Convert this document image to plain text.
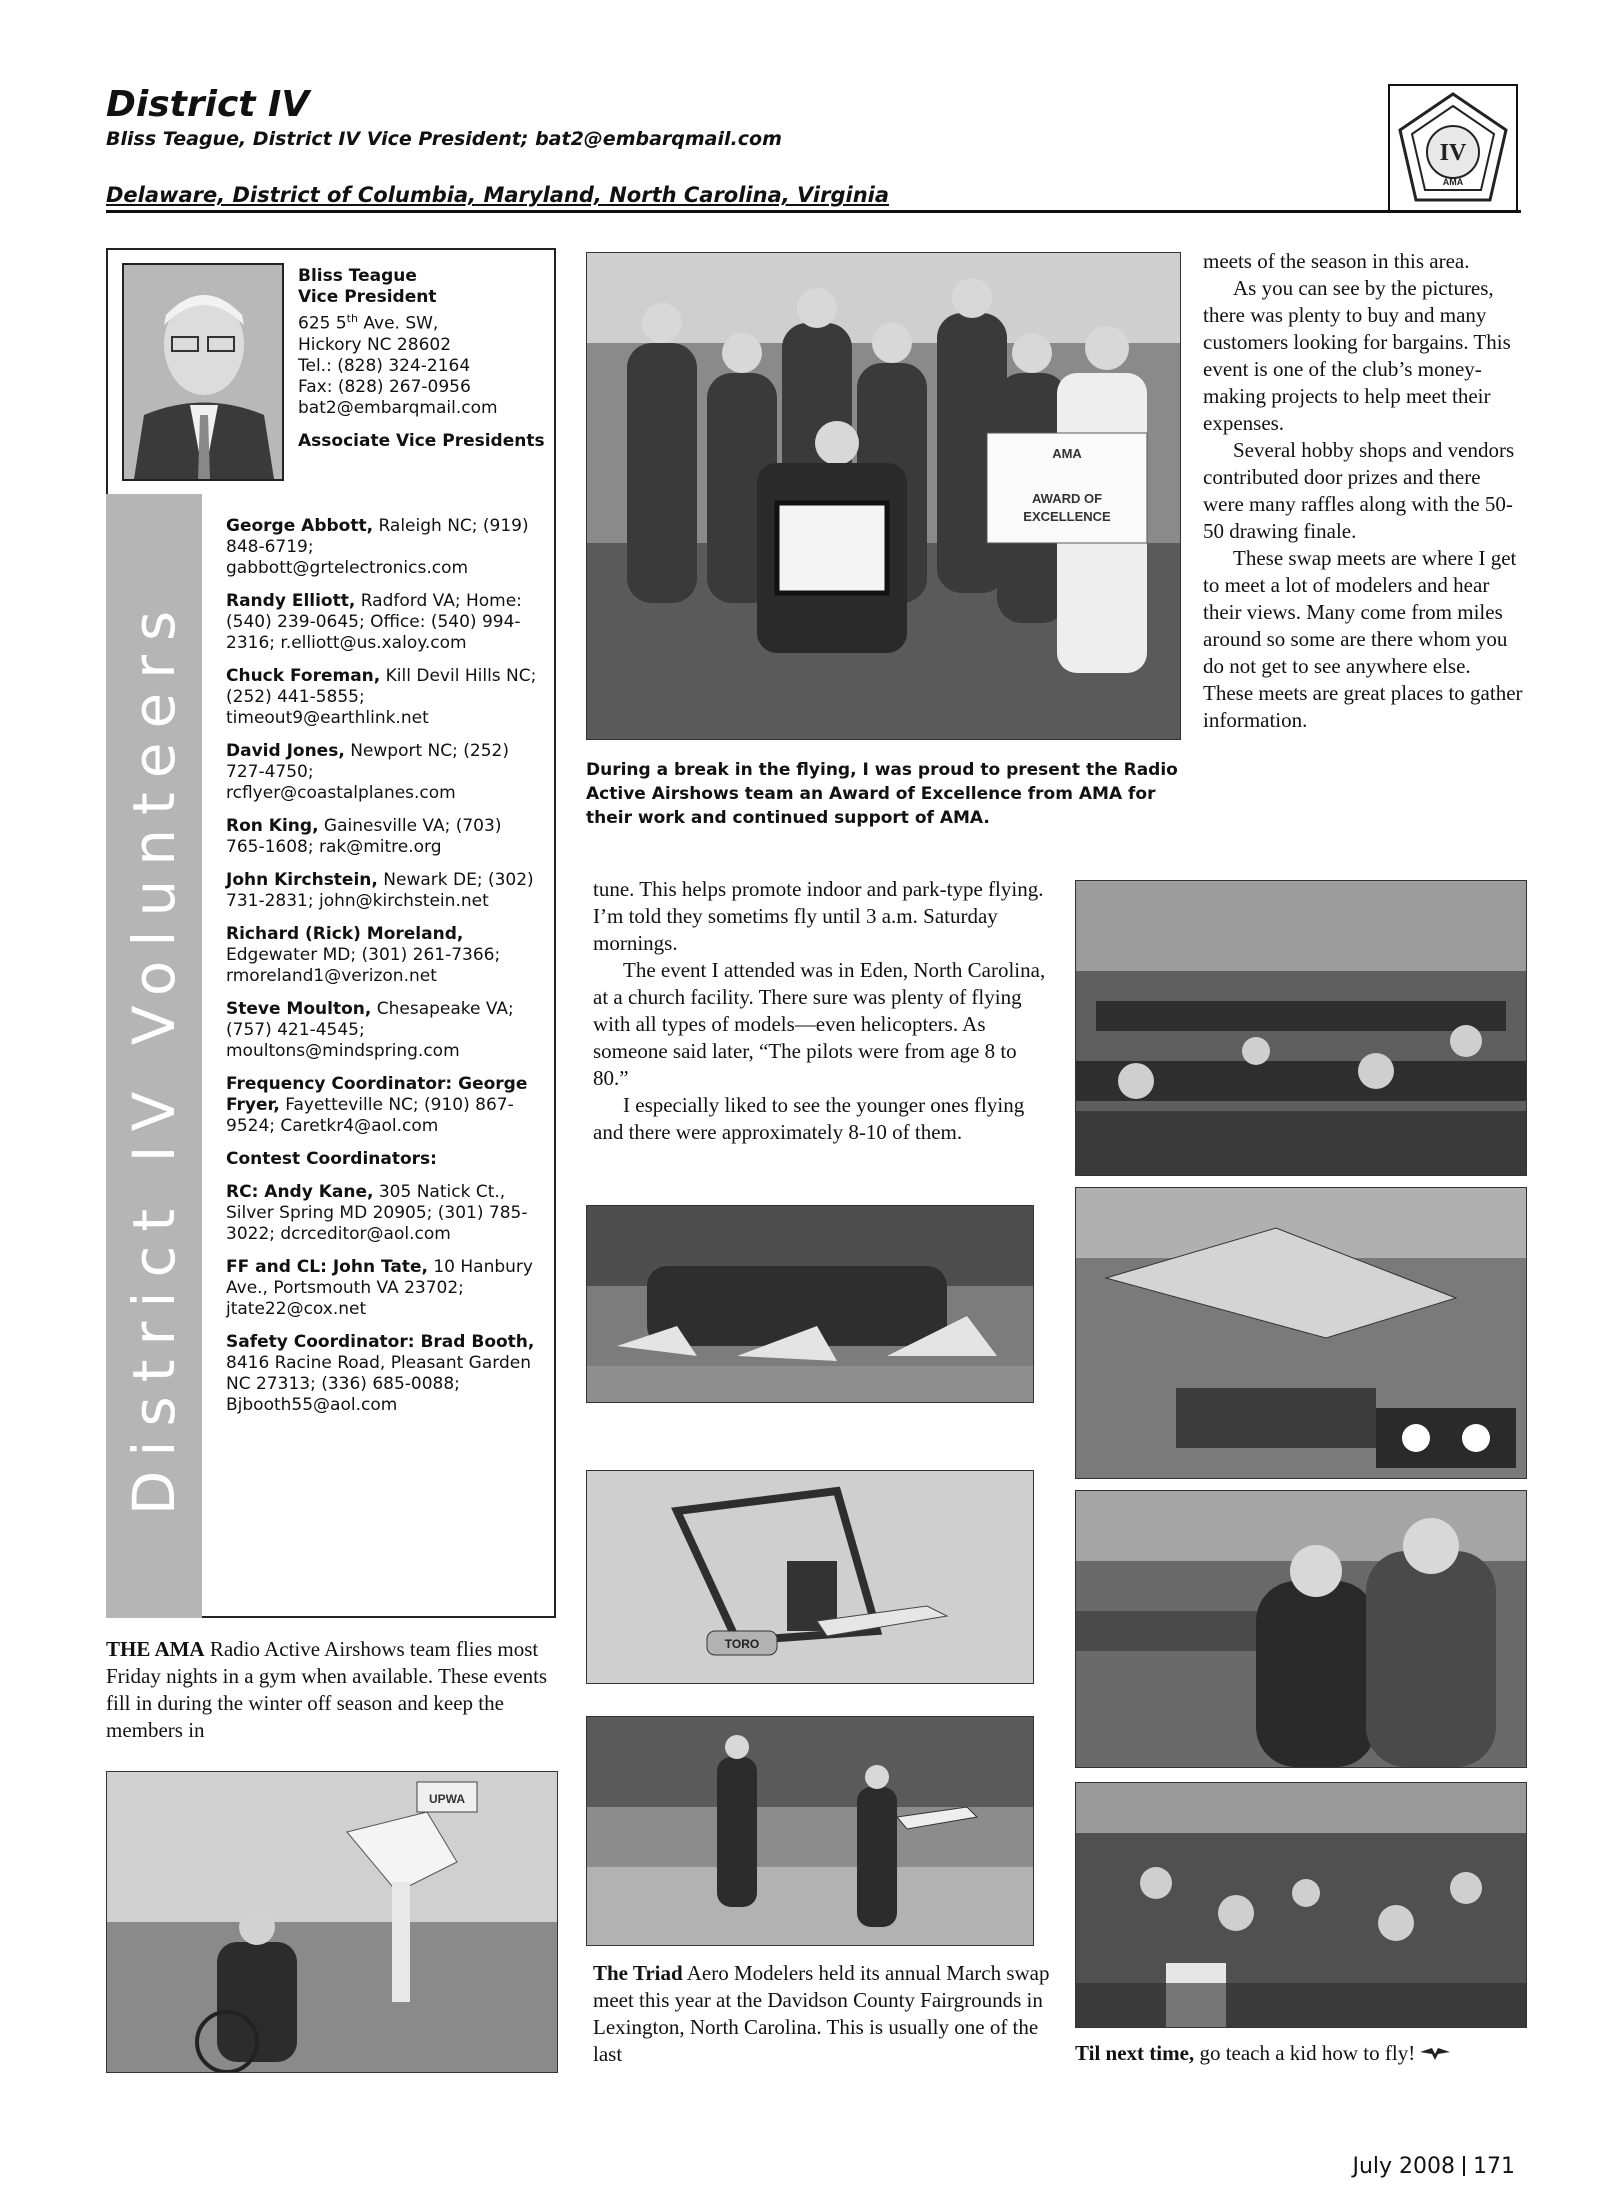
District IV
Bliss Teague, District IV Vice President; bat2@embarqmail.com
Delaware, District of Columbia, Maryland, North Carolina, Virginia
IV
AMA
District IV Volunteers
Bliss Teague
Vice President
625 5th Ave. SW,
Hickory NC 28602
Tel.: (828) 324-2164
Fax: (828) 267-0956
bat2@embarqmail.com
Associate Vice Presidents
George Abbott, Raleigh NC; (919) 848-6719; gabbott@grtelectronics.com
Randy Elliott, Radford VA; Home: (540) 239-0645; Office: (540) 994-2316; r.elliott@us.xaloy.com
Chuck Foreman, Kill Devil Hills NC; (252) 441-5855; timeout9@earthlink.net
David Jones, Newport NC; (252) 727-4750; rcflyer@coastalplanes.com
Ron King, Gainesville VA; (703) 765-1608; rak@mitre.org
John Kirchstein, Newark DE; (302) 731-2831; john@kirchstein.net
Richard (Rick) Moreland, Edgewater MD; (301) 261-7366; rmoreland1@verizon.net
Steve Moulton, Chesapeake VA; (757) 421-4545; moultons@mindspring.com
Frequency Coordinator: George Fryer, Fayetteville NC; (910) 867-9524; Caretkr4@aol.com
Contest Coordinators:
RC: Andy Kane, 305 Natick Ct., Silver Spring MD 20905; (301) 785-3022; dcrceditor@aol.com
FF and CL: John Tate, 10 Hanbury Ave., Portsmouth VA 23702; jtate22@cox.net
Safety Coordinator: Brad Booth, 8416 Racine Road, Pleasant Garden NC 27313; (336) 685-0088; Bjbooth55@aol.com
AMA
AWARD OF
EXCELLENCE
During a break in the flying, I was proud to present the Radio Active Airshows team an Award of Excellence from AMA for their work and continued support of AMA.

meets of the season in this area.

As you can see by the pictures, there was plenty to buy and many customers looking for bargains. This event is one of the club’s money-making projects to help meet their expenses.

Several hobby shops and vendors contributed door prizes and there were many raffles along with the 50-50 drawing finale.

These swap meets are where I get to meet a lot of modelers and hear their views. Many come from miles around so some are there whom you do not get to see anywhere else. These meets are great places to gather information.

tune. This helps promote indoor and park-type flying. I’m told they sometims fly until 3 a.m. Saturday mornings.

The event I attended was in Eden, North Carolina, at a church facility. There sure was plenty of flying with all types of models—even helicopters. As someone said later, “The pilots were from age 8 to 80.”

I especially liked to see the younger ones flying and there were approximately 8-10 of them.

TORO

THE AMA Radio Active Airshows team flies most Friday nights in a gym when available. These events fill in during the winter off season and keep the members in

UPWA

The Triad Aero Modelers held its annual March swap meet this year at the Davidson County Fairgrounds in Lexington, North Carolina. This is usually one of the last	Til next time, go teach a kid how to fly!
July 2008 171
